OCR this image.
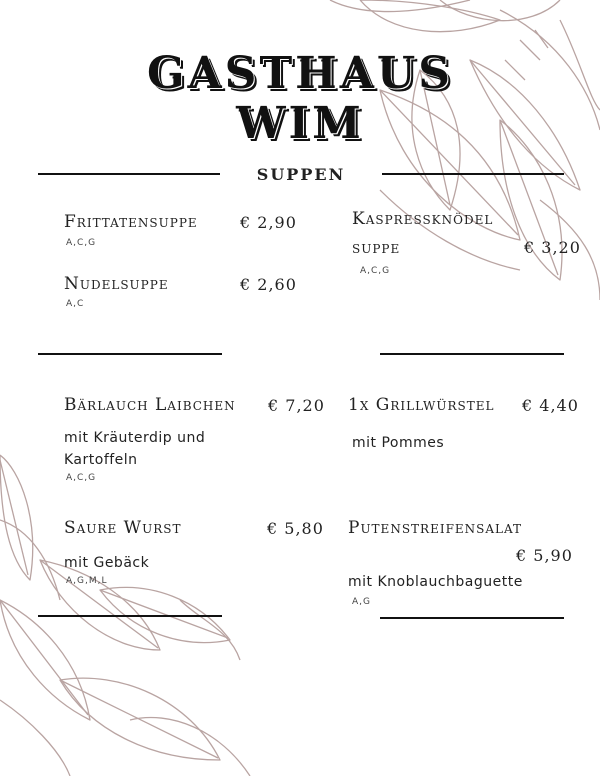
GASTHAUS
WIM
SUPPEN
Frittatensuppe	€ 2,90
A,C,G
Nudelsuppe	€ 2,60
A,C
Kaspressknödel
suppe	€ 3,20
A,C,G
Bärlauch Laibchen € 7,20
mit Kräuterdip und Kartoffeln
A,C,G
1x Grillwürstel € 4,40
mit Pommes
Saure Wurst	€ 5,80
mit Gebäck
A,G,M,L
Putenstreifensalat
€ 5,90
mit Knoblauchbaguette
A,G
